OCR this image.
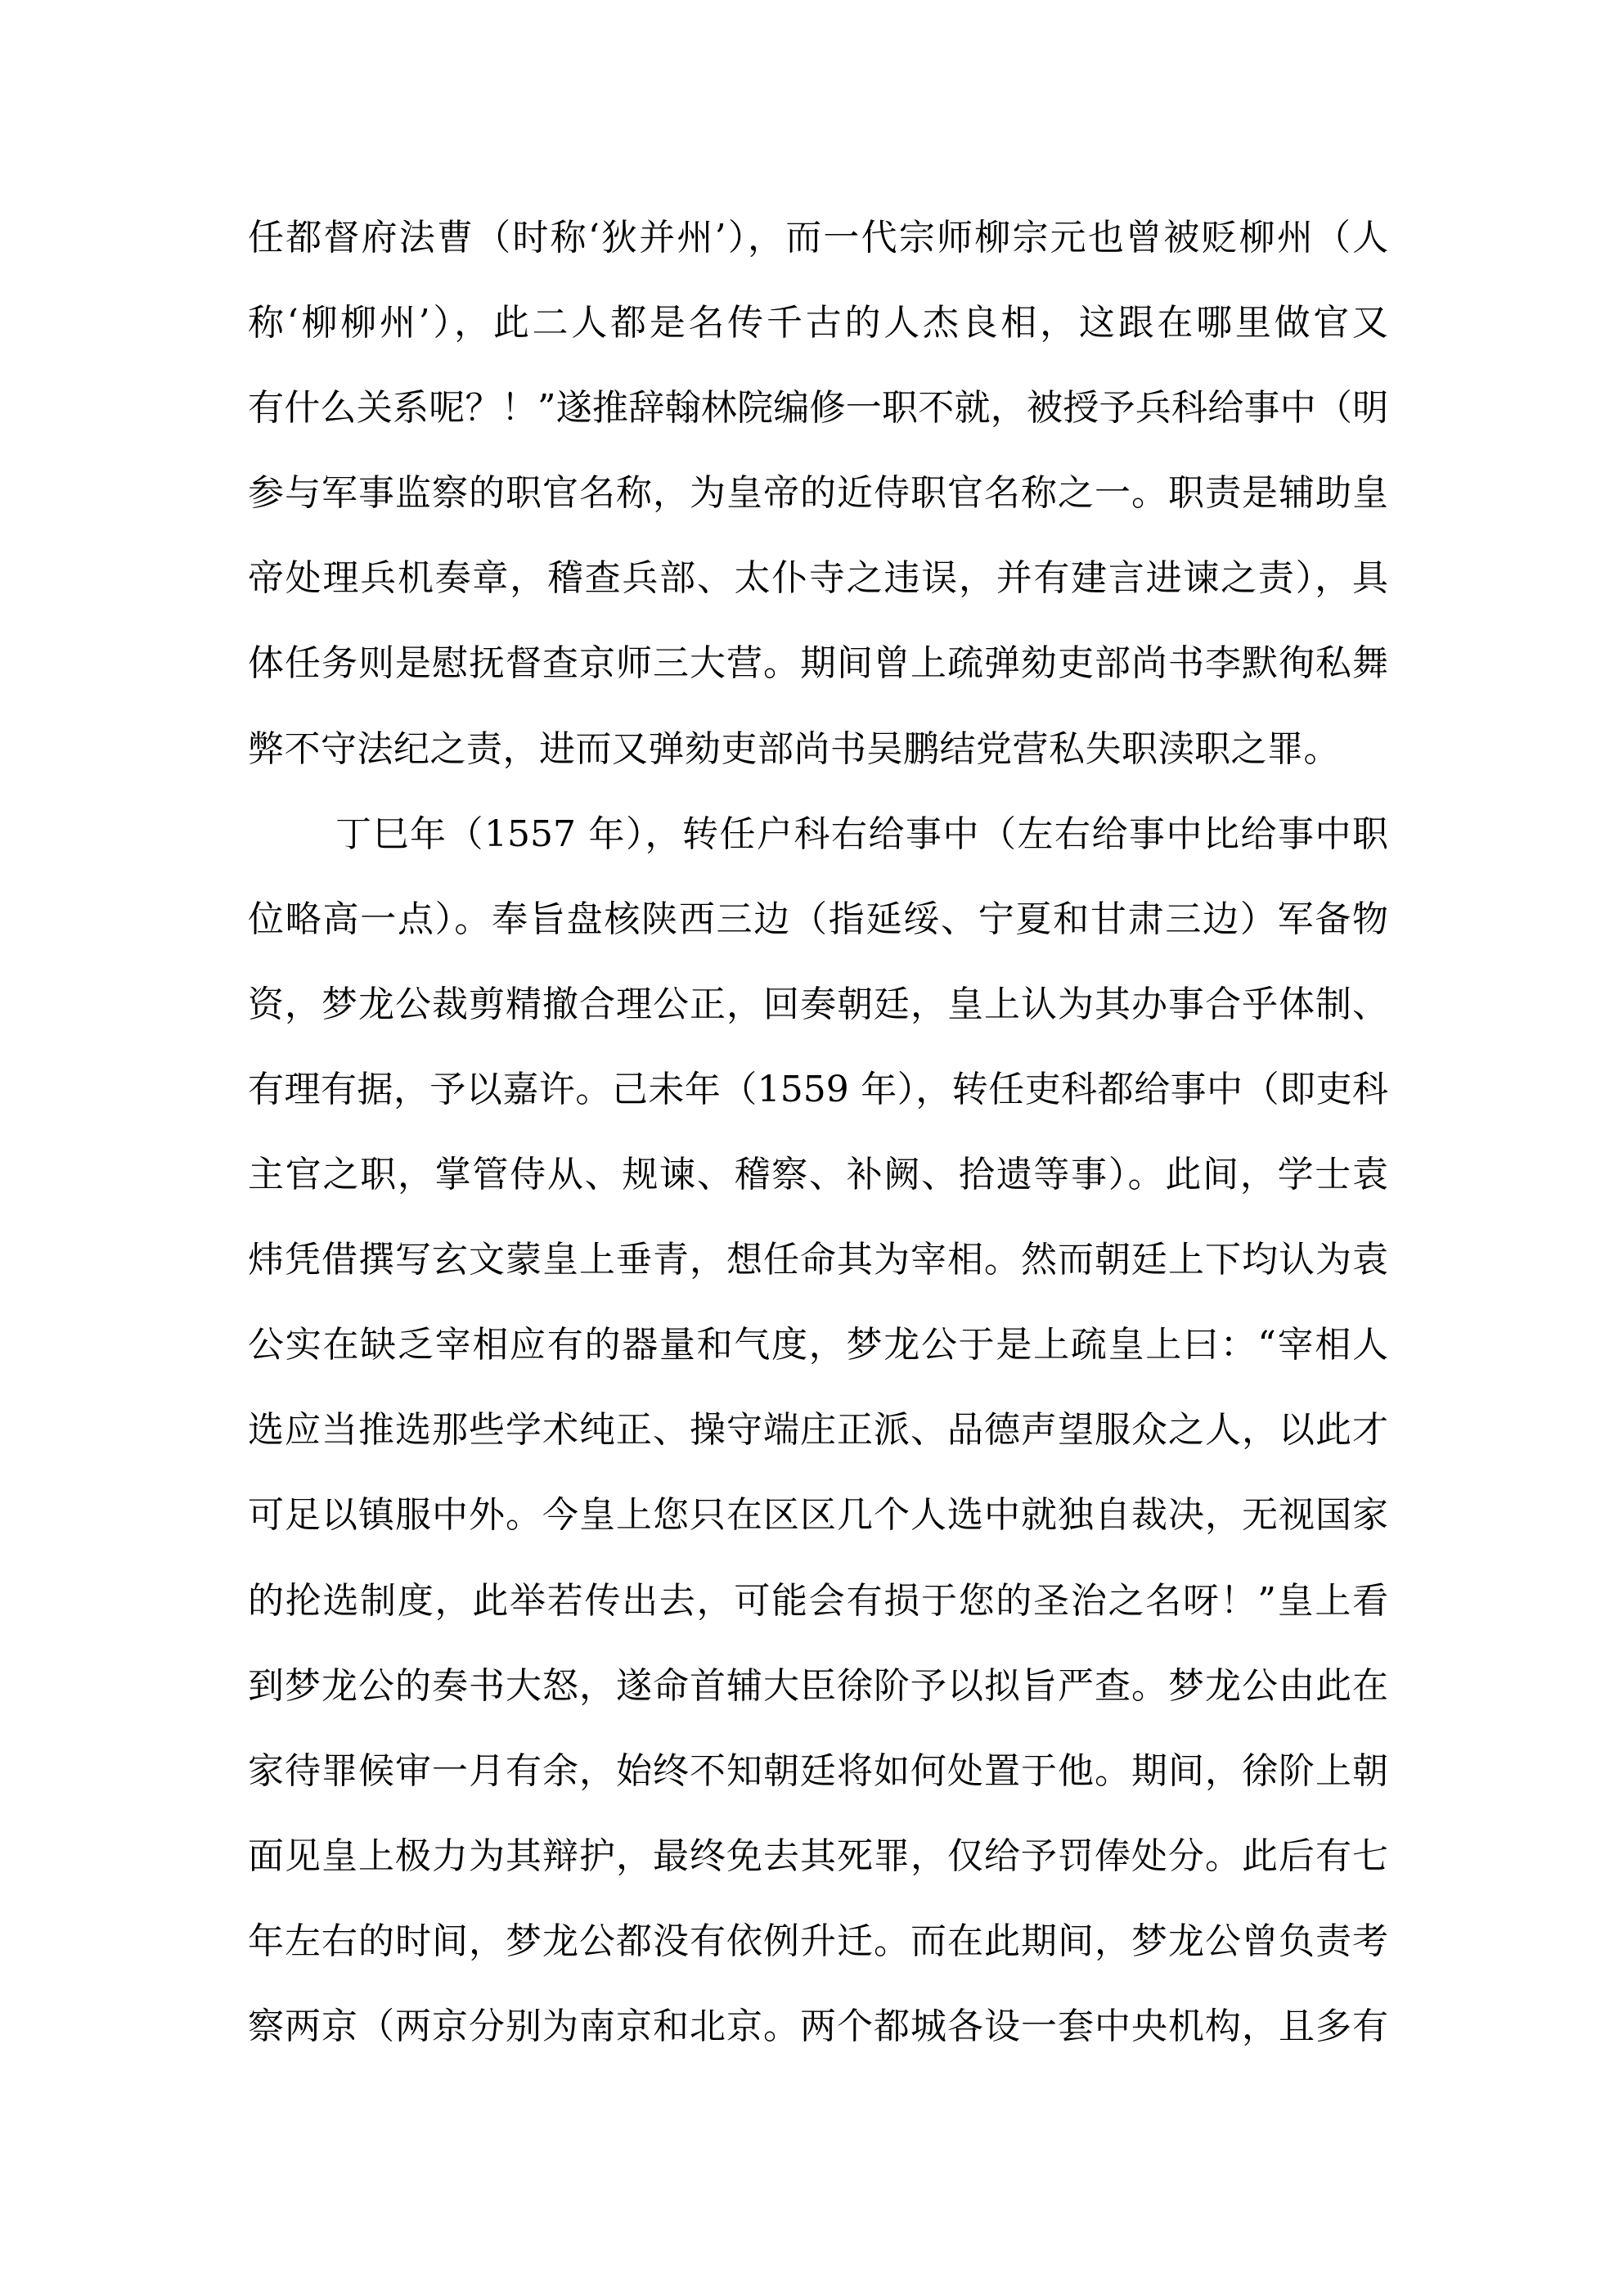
任都督府法曹（时称‘狄并州’），而一代宗师柳宗元也曾被贬柳州（人
称‘柳柳州’），此二人都是名传千古的人杰良相，这跟在哪里做官又
有什么关系呢？！”遂推辞翰林院编修一职不就，被授予兵科给事中（明
参与军事监察的职官名称，为皇帝的近侍职官名称之一。职责是辅助皇
帝处理兵机奏章，稽查兵部、太仆寺之违误，并有建言进谏之责），具
体任务则是慰抚督查京师三大营。期间曾上疏弹劾吏部尚书李默徇私舞
弊不守法纪之责，进而又弹劾吏部尚书吴鹏结党营私失职渎职之罪。
丁巳年（1557 年），转任户科右给事中（左右给事中比给事中职
位略高一点）。奉旨盘核陕西三边（指延绥、宁夏和甘肃三边）军备物
资，梦龙公裁剪精撤合理公正，回奏朝廷，皇上认为其办事合乎体制、
有理有据，予以嘉许。己未年（1559 年），转任吏科都给事中（即吏科
主官之职，掌管侍从、规谏、稽察、补阙、拾遗等事）。此间，学士袁
炜凭借撰写玄文蒙皇上垂青，想任命其为宰相。然而朝廷上下均认为袁
公实在缺乏宰相应有的器量和气度，梦龙公于是上疏皇上曰：“宰相人
选应当推选那些学术纯正、操守端庄正派、品德声望服众之人，以此才
可足以镇服中外。今皇上您只在区区几个人选中就独自裁决，无视国家
的抡选制度，此举若传出去，可能会有损于您的圣治之名呀！”皇上看
到梦龙公的奏书大怒，遂命首辅大臣徐阶予以拟旨严查。梦龙公由此在
家待罪候审一月有余，始终不知朝廷将如何处置于他。期间，徐阶上朝
面见皇上极力为其辩护，最终免去其死罪，仅给予罚俸处分。此后有七
年左右的时间，梦龙公都没有依例升迁。而在此期间，梦龙公曾负责考
察两京（两京分别为南京和北京。两个都城各设一套中央机构，且多有
